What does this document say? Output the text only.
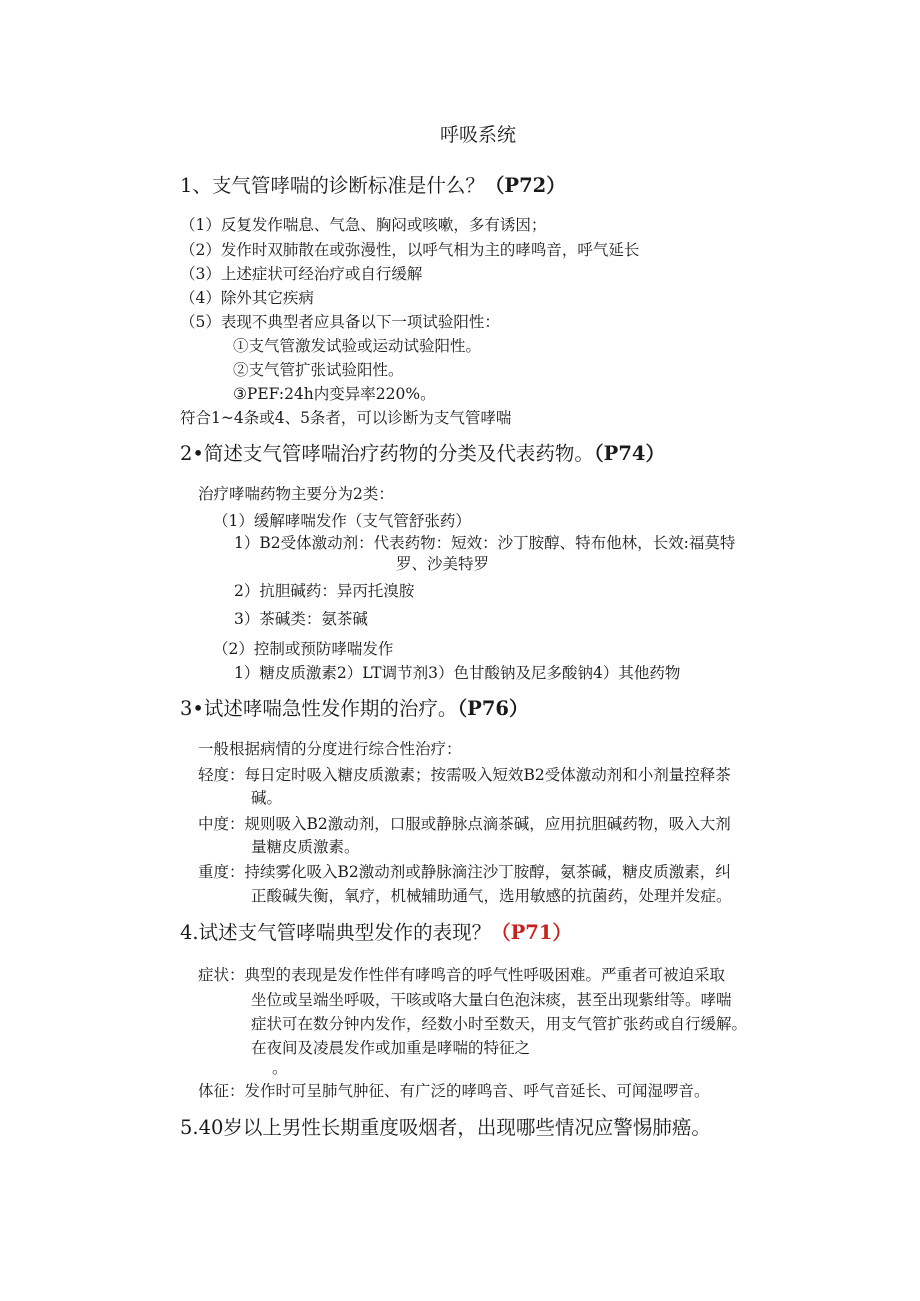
呼吸系统
1、支气管哮喘的诊断标准是什么？（P72）
（1）反复发作喘息、气急、胸闷或咳嗽，多有诱因；
（2）发作时双肺散在或弥漫性，以呼气相为主的哮鸣音，呼气延长
（3）上述症状可经治疗或自行缓解
（4）除外其它疾病
（5）表现不典型者应具备以下一项试验阳性：
①支气管激发试验或运动试验阳性。
②支气管扩张试验阳性。
③PEF:24h内变异率220%。
符合1~4条或4、5条者，可以诊断为支气管哮喘
2•简述支气管哮喘治疗药物的分类及代表药物。（P74）
治疗哮喘药物主要分为2类：
（1）缓解哮喘发作（支气管舒张药）
1）B2受体激动剂：代表药物：短效：沙丁胺醇、特布他林，长效:福莫特
罗、沙美特罗
2）抗胆碱药：异丙托溴胺
3）茶碱类：氨茶碱
（2）控制或预防哮喘发作
1）糖皮质激素2）LT调节剂3）色甘酸钠及尼多酸钠4）其他药物
3•试述哮喘急性发作期的治疗。（P76）
一般根据病情的分度进行综合性治疗：
轻度：每日定时吸入糖皮质激素；按需吸入短效B2受体激动剂和小剂量控释茶
碱。
中度：规则吸入B2激动剂，口服或静脉点滴茶碱，应用抗胆碱药物，吸入大剂
量糖皮质激素。
重度：持续雾化吸入B2激动剂或静脉滴注沙丁胺醇，氨茶碱，糖皮质激素，纠
正酸碱失衡，氧疗，机械辅助通气，选用敏感的抗菌药，处理并发症。
4.试述支气管哮喘典型发作的表现？（P71）
症状：典型的表现是发作性伴有哮鸣音的呼气性呼吸困难。严重者可被迫采取
坐位或呈端坐呼吸，干咳或咯大量白色泡沫痰，甚至出现紫绀等。哮喘
症状可在数分钟内发作，经数小时至数天，用支气管扩张药或自行缓解。
在夜间及凌晨发作或加重是哮喘的特征之
。
体征：发作时可呈肺气肿征、有广泛的哮鸣音、呼气音延长、可闻湿啰音。
5.40岁以上男性长期重度吸烟者，出现哪些情况应警惕肺癌。
